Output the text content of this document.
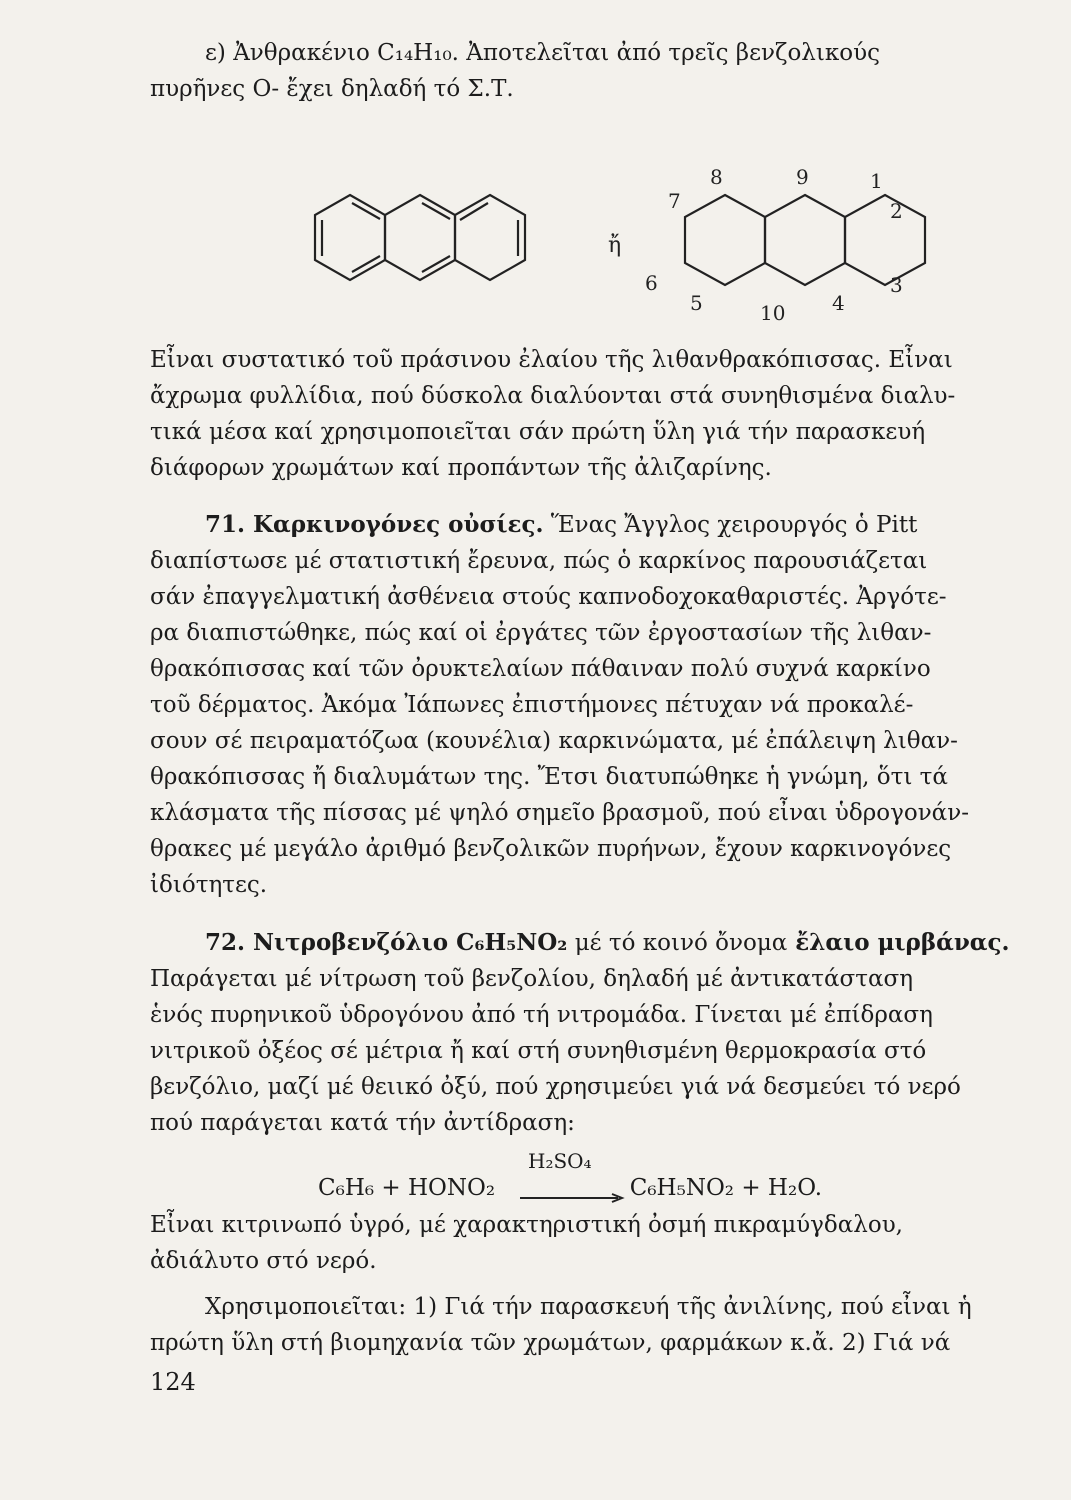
ε) Ἀνθρακένιο C₁₄H₁₀. Ἀποτελεῖται ἀπό τρεῖς βενζολικούς
πυρῆνες Ο- ἔχει δηλαδή τό Σ.Τ.
ἤ
8	9	1
7	2
6	3
5	10 4
Εἶναι συστατικό τοῦ πράσινου ἐλαίου τῆς λιθανθρακόπισσας. Εἶναι
ἄχρωμα φυλλίδια, πού δύσκολα διαλύονται στά συνηθισμένα διαλυ-
τικά μέσα καί χρησιμοποιεῖται σάν πρώτη ὕλη γιά τήν παρασκευή
διάφορων χρωμάτων καί προπάντων τῆς ἀλιζαρίνης.
71. Καρκινογόνες οὐσίες. Ἕνας Ἄγγλος χειρουργός ὁ Pitt
διαπίστωσε μέ στατιστική ἔρευνα, πώς ὁ καρκίνος παρουσιάζεται
σάν ἐπαγγελματική ἀσθένεια στούς καπνοδοχοκαθαριστές. Ἀργότε-
ρα διαπιστώθηκε, πώς καί οἱ ἐργάτες τῶν ἐργοστασίων τῆς λιθαν-
θρακόπισσας καί τῶν ὀρυκτελαίων πάθαιναν πολύ συχνά καρκίνο
τοῦ δέρματος. Ἀκόμα Ἰάπωνες ἐπιστήμονες πέτυχαν νά προκαλέ-
σουν σέ πειραματόζωα (κουνέλια) καρκινώματα, μέ ἐπάλειψη λιθαν-
θρακόπισσας ἤ διαλυμάτων της. Ἔτσι διατυπώθηκε ἡ γνώμη, ὅτι τά
κλάσματα τῆς πίσσας μέ ψηλό σημεῖο βρασμοῦ, πού εἶναι ὑδρογονάν-
θρακες μέ μεγάλο ἀριθμό βενζολικῶν πυρήνων, ἔχουν καρκινογόνες
ἰδιότητες.
72. Νιτροβενζόλιο C₆H₅NO₂ μέ τό κοινό ὄνομα ἔλαιο μιρβάνας.
Παράγεται μέ νίτρωση τοῦ βενζολίου, δηλαδή μέ ἀντικατάσταση
ἑνός πυρηνικοῦ ὑδρογόνου ἀπό τή νιτρομάδα. Γίνεται μέ ἐπίδραση
νιτρικοῦ ὀξέος σέ μέτρια ἤ καί στή συνηθισμένη θερμοκρασία στό
βενζόλιο, μαζί μέ θειικό ὀξύ, πού χρησιμεύει γιά νά δεσμεύει τό νερό
πού παράγεται κατά τήν ἀντίδραση:
C₆H₆ + HONO₂
H₂SO₄
C₆H₅NO₂ + H₂O.
Εἶναι κιτρινωπό ὑγρό, μέ χαρακτηριστική ὀσμή πικραμύγδαλου,
ἀδιάλυτο στό νερό.
Χρησιμοποιεῖται: 1) Γιά τήν παρασκευή τῆς ἀνιλίνης, πού εἶναι ἡ
πρώτη ὕλη στή βιομηχανία τῶν χρωμάτων, φαρμάκων κ.ἄ. 2) Γιά νά
124
